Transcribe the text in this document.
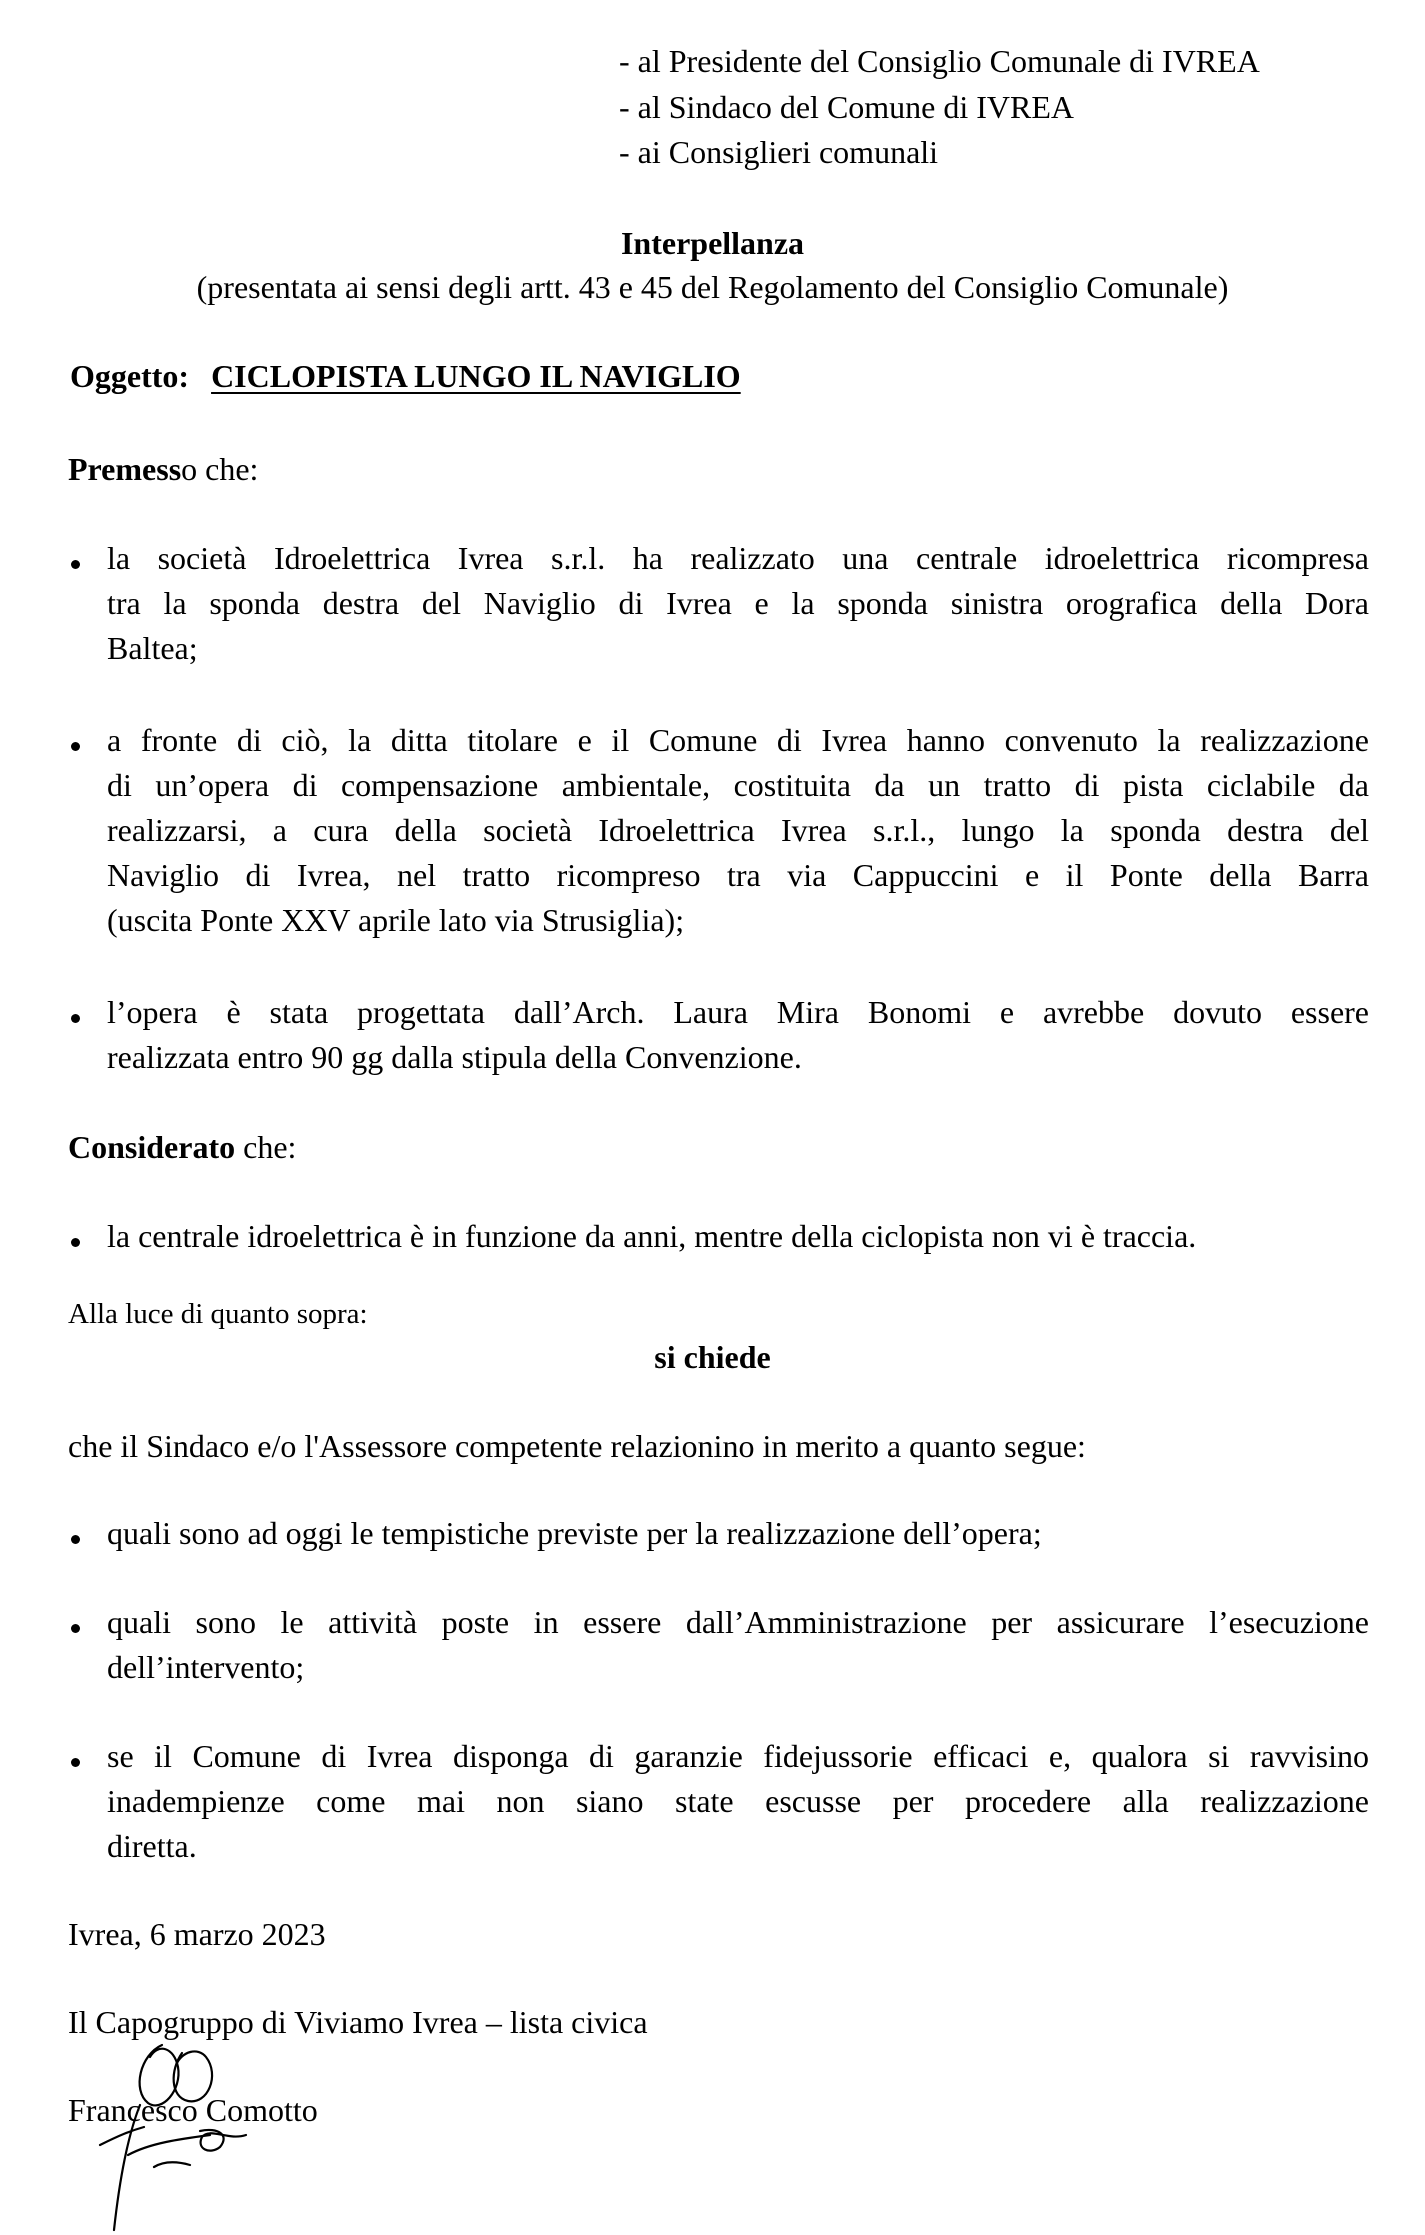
- al Presidente del Consiglio Comunale di IVREA
- al Sindaco del Comune di IVREA
- ai Consiglieri comunali
Interpellanza
(presentata ai sensi degli artt. 43 e 45 del Regolamento del Consiglio Comunale)
Oggetto: CICLOPISTA LUNGO IL NAVIGLIO
Premesso che:
la società Idroelettrica Ivrea s.r.l. ha realizzato una centrale idroelettrica ricompresa
tra la sponda destra del Naviglio di Ivrea e la sponda sinistra orografica della Dora
Baltea;
a fronte di ciò, la ditta titolare e il Comune di Ivrea hanno convenuto la realizzazione
di un’opera di compensazione ambientale, costituita da un tratto di pista ciclabile da
realizzarsi, a cura della società Idroelettrica Ivrea s.r.l., lungo la sponda destra del
Naviglio di Ivrea, nel tratto ricompreso tra via Cappuccini e il Ponte della Barra
(uscita Ponte XXV aprile lato via Strusiglia);
l’opera è stata progettata dall’Arch. Laura Mira Bonomi e avrebbe dovuto essere
realizzata entro 90 gg dalla stipula della Convenzione.
Considerato che:
la centrale idroelettrica è in funzione da anni, mentre della ciclopista non vi è traccia.
Alla luce di quanto sopra:
si chiede
che il Sindaco e/o l'Assessore competente relazionino in merito a quanto segue:
quali sono ad oggi le tempistiche previste per la realizzazione dell’opera;
quali sono le attività poste in essere dall’Amministrazione per assicurare l’esecuzione
dell’intervento;
se il Comune di Ivrea disponga di garanzie fidejussorie efficaci e, qualora si ravvisino
inadempienze come mai non siano state escusse per procedere alla realizzazione
diretta.
Ivrea, 6 marzo 2023
Il Capogruppo di Viviamo Ivrea – lista civica
Francesco Comotto
